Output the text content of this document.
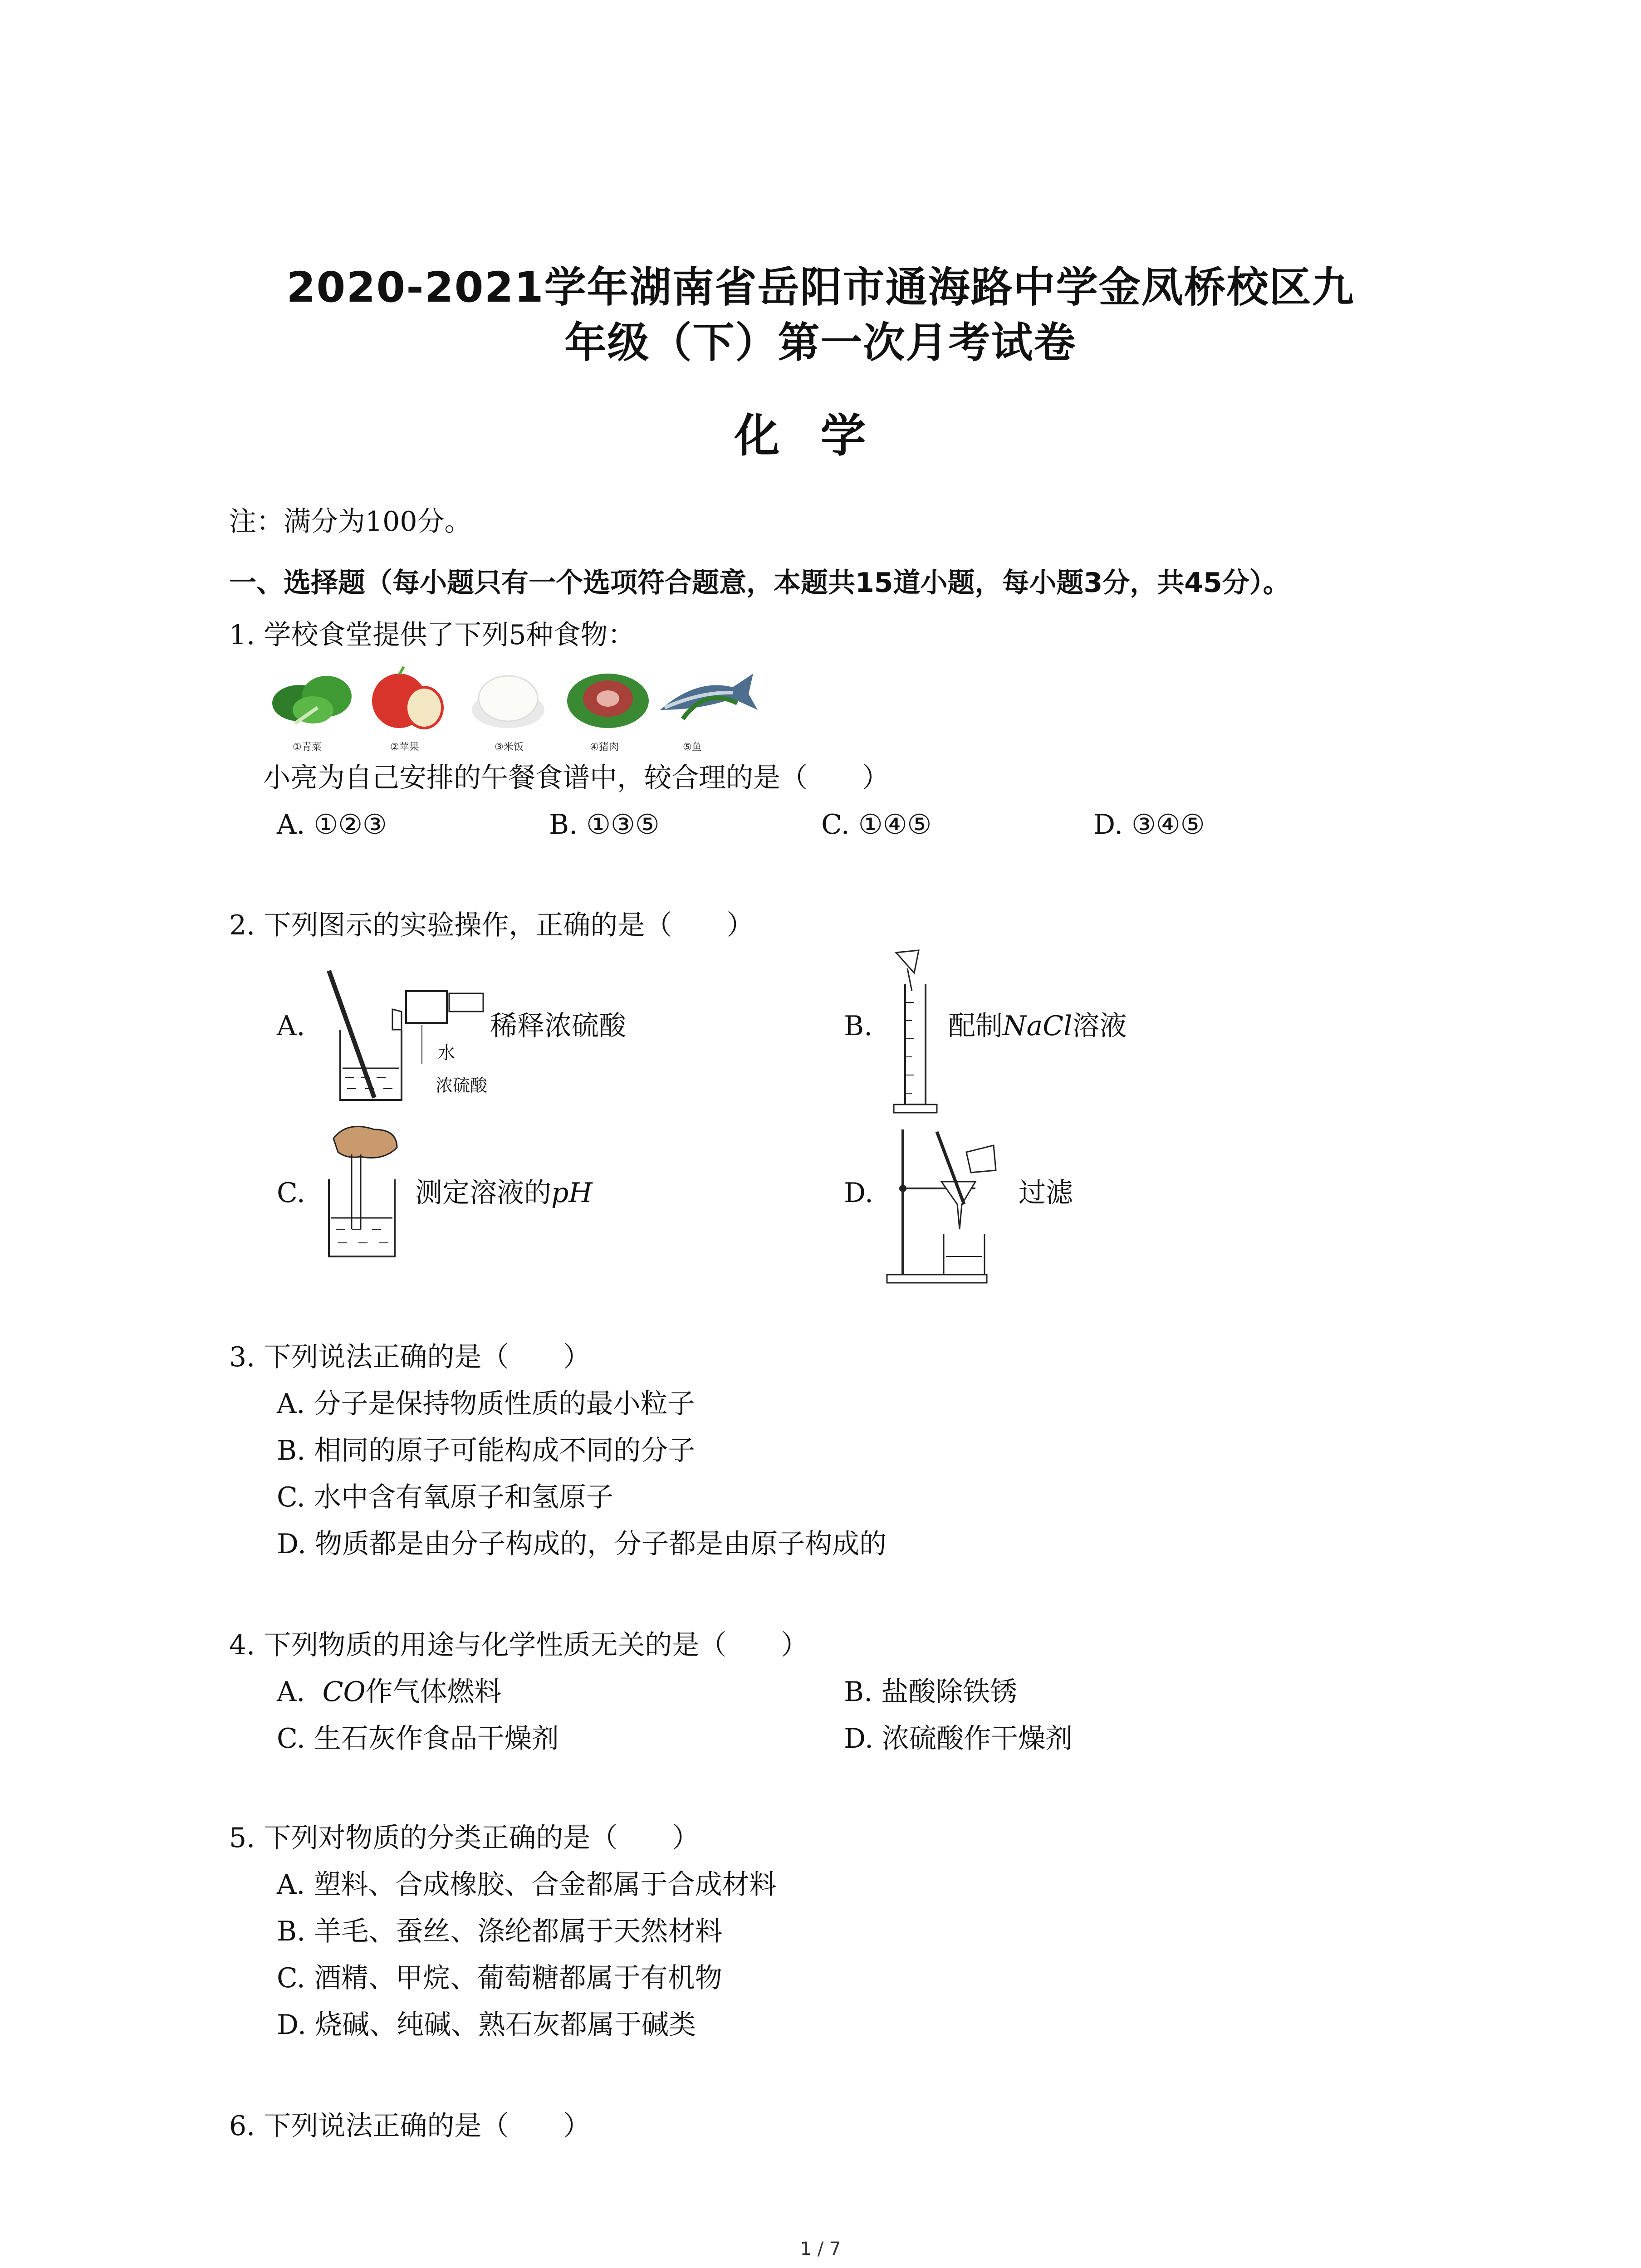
2020-2021学年湖南省岳阳市通海路中学金凤桥校区九
年级（下）第一次月考试卷
化学
注：满分为100分。
一、选择题（每小题只有一个选项符合题意，本题共15道小题，每小题3分，共45分）。
1. 学校食堂提供了下列5种食物：
①青菜	②苹果	③米饭	④猪肉	⑤鱼
小亮为自己安排的午餐食谱中，较合理的是（　　）
A. ①②③	B. ①③⑤	C. ①④⑤	D. ③④⑤
2. 下列图示的实验操作，正确的是（　　）
A.
水
浓硫酸
稀释浓硫酸	B.	配制NaCl溶液
C.	测定溶液的pH	D.	过滤
3. 下列说法正确的是（　　）
A. 分子是保持物质性质的最小粒子
B. 相同的原子可能构成不同的分子
C. 水中含有氧原子和氢原子
D. 物质都是由分子构成的，分子都是由原子构成的
4. 下列物质的用途与化学性质无关的是（　　）
A. CO作气体燃料	B. 盐酸除铁锈
C. 生石灰作食品干燥剂	D. 浓硫酸作干燥剂
5. 下列对物质的分类正确的是（　　）
A. 塑料、合成橡胶、合金都属于合成材料
B. 羊毛、蚕丝、涤纶都属于天然材料
C. 酒精、甲烷、葡萄糖都属于有机物
D. 烧碱、纯碱、熟石灰都属于碱类
6. 下列说法正确的是（　　）
1 / 7
